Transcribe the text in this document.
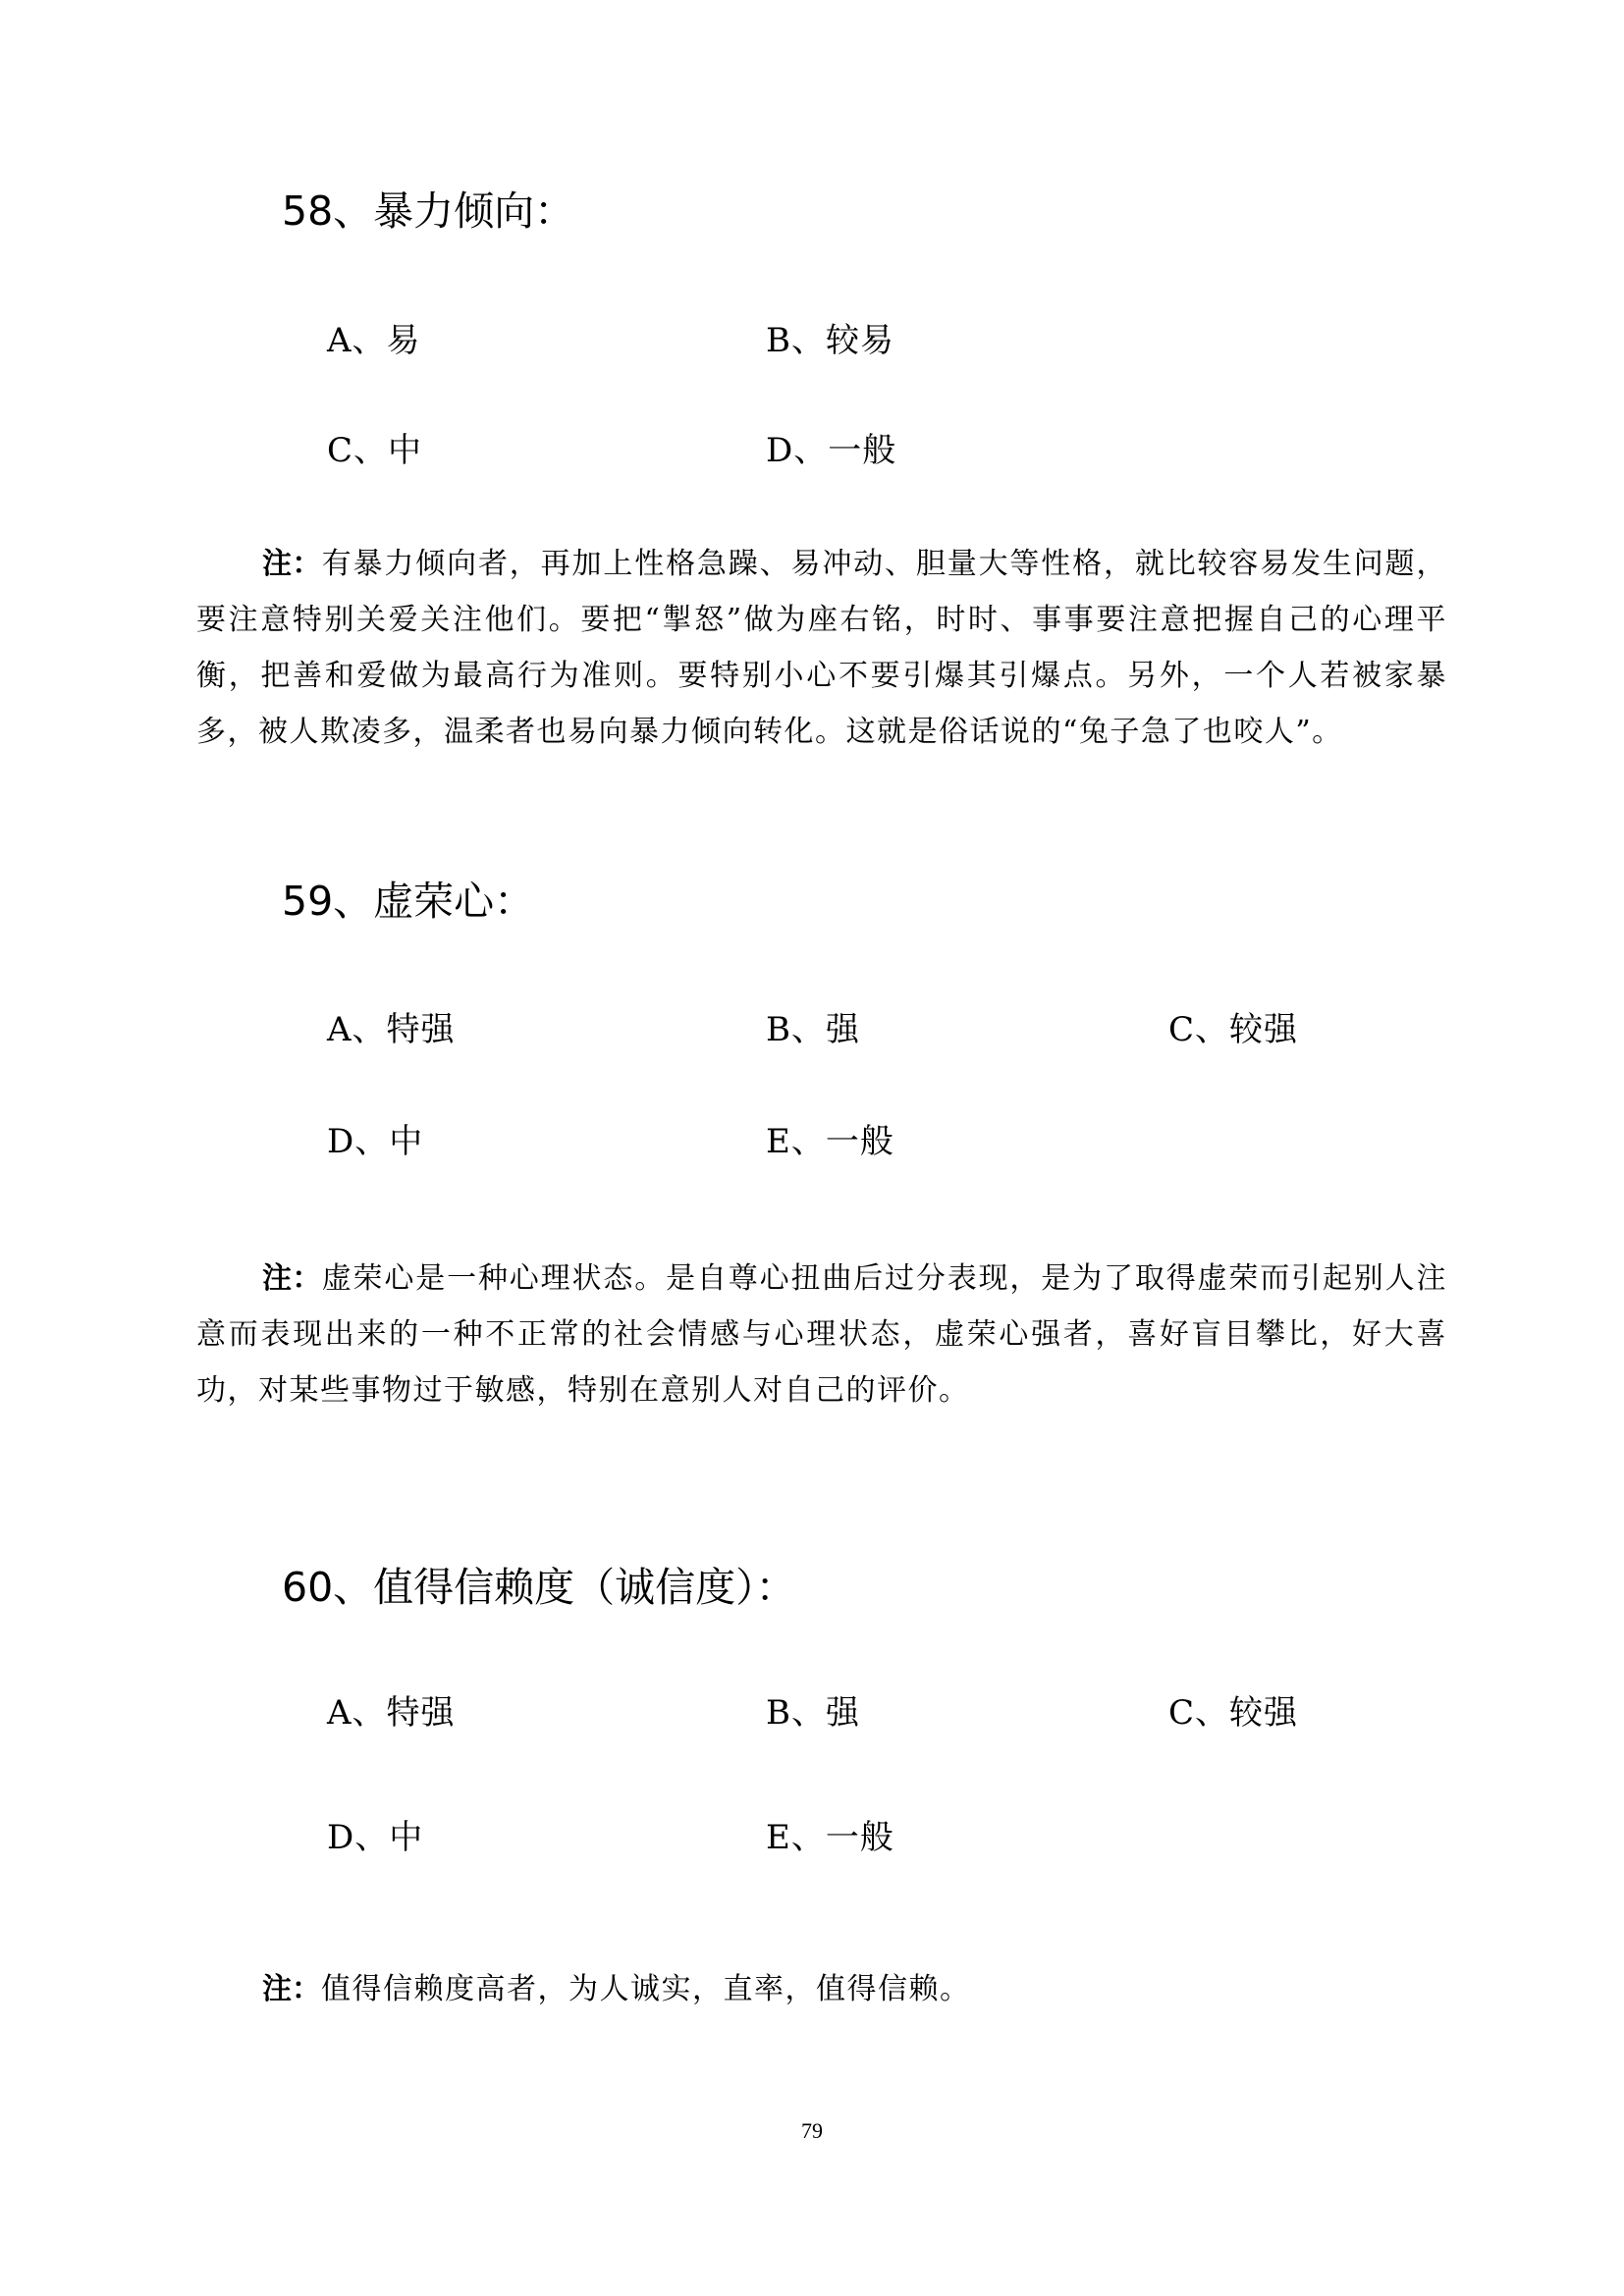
58、暴力倾向：
A、易	B、较易
C、中	D、一般
注：有暴力倾向者，再加上性格急躁、易冲动、胆量大等性格，就比较容易发生问题，要注意特别关爱关注他们。要把“掣怒”做为座右铭，时时、事事要注意把握自己的心理平衡，把善和爱做为最高行为准则。要特别小心不要引爆其引爆点。另外，一个人若被家暴多，被人欺凌多，温柔者也易向暴力倾向转化。这就是俗话说的“兔子急了也咬人”。
59、虚荣心：
A、特强	B、强	C、较强
D、中	E、一般
注：虚荣心是一种心理状态。是自尊心扭曲后过分表现，是为了取得虚荣而引起别人注意而表现出来的一种不正常的社会情感与心理状态，虚荣心强者，喜好盲目攀比，好大喜功，对某些事物过于敏感，特别在意别人对自己的评价。
60、值得信赖度（诚信度）：
A、特强	B、强	C、较强
D、中	E、一般
注：值得信赖度高者，为人诚实，直率，值得信赖。
79
